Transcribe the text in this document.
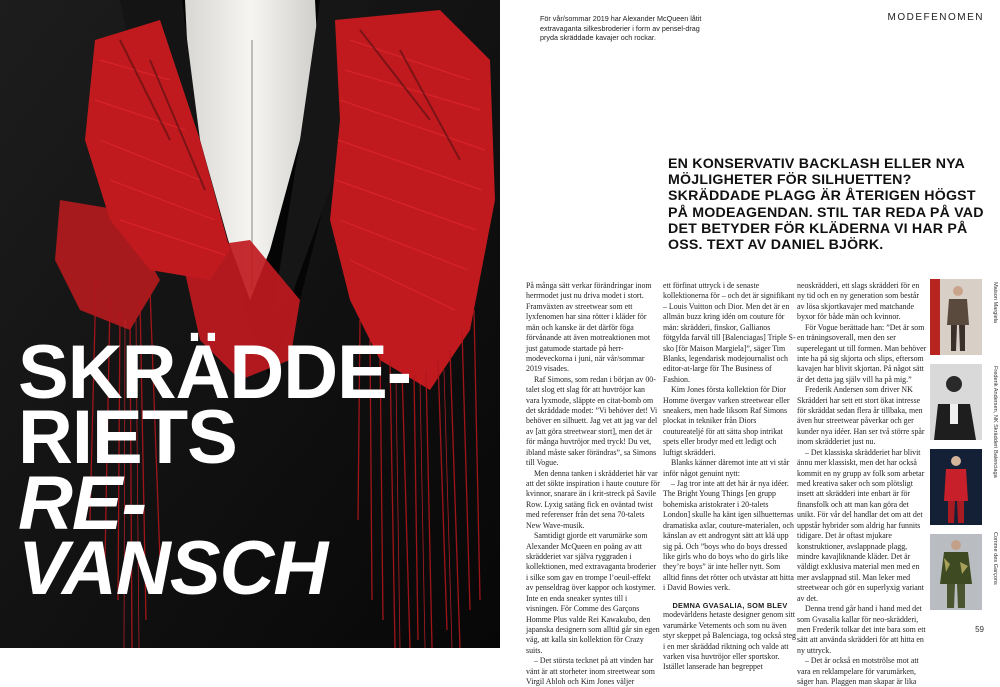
SKRÄDDE-
RIETS
RE-
VANSCH
För vår/sommar 2019 har Alexander McQueen låtit extravaganta silkesbroderier i form av pensel-drag pryda skräddade kavajer och rockar.
MODEFENOMEN

EN KONSERVATIV BACKLASH ELLER NYA MÖJLIGHETER FÖR SILHUETTEN? SKRÄDDADE PLAGG ÄR ÅTERIGEN HÖGST PÅ MODEAGENDAN. STIL TAR REDA PÅ VAD DET BETYDER FÖR KLÄDERNA VI HAR PÅ OSS. TEXT AV DANIEL BJÖRK.

På många sätt verkar förändringar inom herrmodet just nu driva modet i stort. Framväxten av streetwear som ett lyxfenomen har sina rötter i kläder för män och kanske är det därför föga förvånande att även motreaktionen mot just gatumode startade på herr-modeveckorna i juni, när vår/sommar 2019 visades.

Raf Simons, som redan i början av 00-talet slog ett slag för att huvtröjor kan vara lyxmode, släppte en citat-bomb om det skräddade modet: ”Vi behöver det! Vi behöver en silhuett. Jag vet att jag var del av [att göra streetwear stort], men det är för många huvtröjor med tryck! Du vet, ibland måste saker förändras”, sa Simons till Vogue.

Men denna tanken i skrädderiet här var att det sökte inspiration i haute couture för kvinnor, snarare än i krit-streck på Savile Row. Lyxig satäng fick en oväntad twist med referenser från det sena 70-talets New Wave-musik.

Samtidigt gjorde ett varumärke som Alexander McQueen en poäng av att skrädderiet var själva ryggraden i kollektionen, med extravaganta broderier i silke som gav en trompe l’oeuil-effekt av penseldrag över kappor och kostymer. Inte en enda sneaker syntes till i visningen. För Comme des Garçons Homme Plus valde Rei Kawakubo, den japanska designern som alltid går sin egen väg, att kalla sin kollektion för Crazy suits.

– Det största tecknet på att vinden har vänt är att storheter inom streetwear som Virgil Abloh och Kim Jones väljer

ett förfinat uttryck i de senaste kollektionerna för – och det är signifikant – Louis Vuitton och Dior. Men det är en allmän buzz kring idén om couture för män: skrädderi, finskor, Gallianos fötgylda farväl till [Balenciagas] Triple S-sko [för Maison Margiela]”, säger Tim Blanks, legendarisk modejournalist och editor-at-large för The Business of Fashion.

Kim Jones första kollektion för Dior Homme övergav varken streetwear eller sneakers, men hade liksom Raf Simons plockat in tekniker från Diors coutureateljé för att sätta shop intrikat spets eller brodyr med ett ledigt och luftigt skrädderi.

Blanks känner däremot inte att vi står inför något genuint nytt:

– Jag tror inte att det här är nya idéer. The Bright Young Things [en grupp bohemiska aristokrater i 20-talets London] skulle ha känt igen silhuetternas dramatiska axlar, couture-materialen, och känslan av ett androgynt sätt att klä upp sig på. Och ”boys who do boys dressed like girls who do boys who do girls like they’re boys” är inte heller nytt. Som alltid finns det rötter och utvästar att hitta i David Bowies verk.

DEMNA GVASALIA, SOM BLEV

modevärldens hetaste designer genom sitt varumärke Vetements och som nu även styr skeppet på Balenciaga, tog också steg i en mer skräddad riktning och valde att varken visa huvtröjor eller sportskor. Istället lanserade han begreppet

neoskrädderi, ett slags skrädderi för en ny tid och en ny generation som består av lösa skjortkavajer med matchande byxor för både män och kvinnor.

För Vogue berättade han: ”Det är som en träningsoverall, men den ser superelegant ut till formen. Man behöver inte ha på sig skjorta och slips, eftersom kavajen har blivit skjortan. På något sätt är det detta jag själv vill ha på mig.”

Frederik Andersen som driver NK Skrädderi har sett ett stort ökat intresse för skräddat sedan flera år tillbaka, men även hur streetwear påverkar och ger kunder nya idéer. Han ser två större spår inom skrädderiet just nu.

– Det klassiska skrädderiet har blivit ännu mer klassiskt, men det har också kommit en ny grupp av folk som arbetar med kreativa saker och som plötsligt insett att skrädderi inte enbart är för finansfolk och att man kan göra det unikt. För vår del handlar det om att det uppstår hybrider som aldrig har funnits tidigare. Det är oftast mjukare konstruktioner, avslappnade plagg, mindre kavajliknande kläder. Det är väldigt exklusiva material men med en mer avslappnad stil. Man leker med streetwear och gör en superlyxig variant av det.

Denna trend går hand i hand med det som Gvasalia kallar för neo-skrädderi, men Frederik tolkar det inte bara som ett sätt att använda skrädderi för att hitta en ny uttryck.

– Det är också en motströlse mot att vara en reklampelare för varumärken, säger han. Plaggen man skapar är lika

Maison Margiela
Frederik Andersen, NK Skrädderi
Balenciaga
Comme des Garçons
59
